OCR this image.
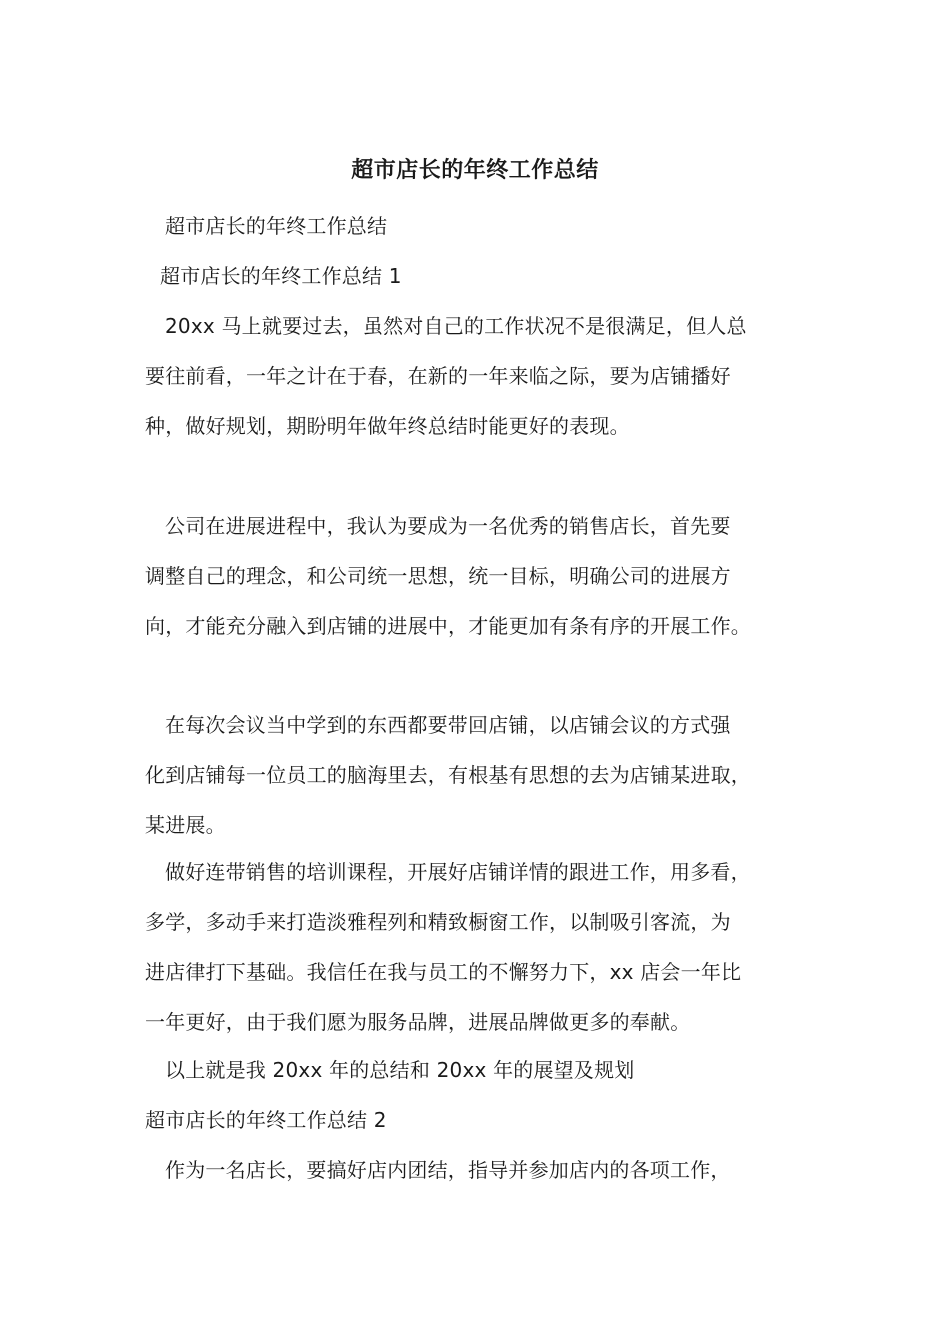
超市店长的年终工作总结
超市店长的年终工作总结
超市店长的年终工作总结 1
20xx 马上就要过去，虽然对自己的工作状况不是很满足，但人总
要往前看，一年之计在于春，在新的一年来临之际，要为店铺播好
种，做好规划，期盼明年做年终总结时能更好的表现。
公司在进展进程中，我认为要成为一名优秀的销售店长，首先要
调整自己的理念，和公司统一思想，统一目标，明确公司的进展方
向，才能充分融入到店铺的进展中，才能更加有条有序的开展工作。
在每次会议当中学到的东西都要带回店铺，以店铺会议的方式强
化到店铺每一位员工的脑海里去，有根基有思想的去为店铺某进取，
某进展。
做好连带销售的培训课程，开展好店铺详情的跟进工作，用多看，
多学，多动手来打造淡雅程列和精致橱窗工作，以制吸引客流，为
进店律打下基础。我信任在我与员工的不懈努力下，xx 店会一年比
一年更好，由于我们愿为服务品牌，进展品牌做更多的奉献。
以上就是我 20xx 年的总结和 20xx 年的展望及规划
超市店长的年终工作总结 2
作为一名店长，要搞好店内团结，指导并参加店内的各项工作，
